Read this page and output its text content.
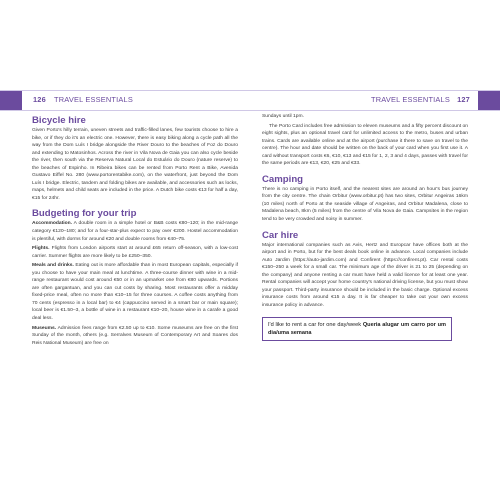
126 TRAVEL ESSENTIALS	TRAVEL ESSENTIALS 127
Bicycle hire

Given Porto's hilly terrain, uneven streets and traffic-filled lanes, few tourists choose to hire a bike, or if they do it's an electric one. However, there is easy biking along a cycle path all the way from the Dom Luís I bridge alongside the River Douro to the beaches of Foz do Douro and extending to Matosinhos. Across the river in Vila Nova de Gaia you can also cycle beside the river, then south via the Reserva Natural Local do Estuário do Douro (nature reserve) to the beaches of Espinho. In Ribeira bikes can be rented from Porto Rent a Bike, Avenida Gustavo Eiffel No. 280 (www.portorentabike.com), on the waterfront, just beyond the Dom Luís I bridge. Electric, tandem and folding bikes are available, and accessories such as locks, maps, helmets and child seats are included in the price. A Dutch bike costs €13 for half a day, €15 for 24hr.

Budgeting for your trip

Accommodation. A double room in a simple hotel or B&B costs €80–120; in the mid-range category €120–180; and for a four-star-plus expect to pay over €200. Hostel accommodation is plentiful, with dorms for around €20 and double rooms from €40–75.

Flights. Flights from London airports start at around £65 return off-season, with a low-cost carrier. Summer flights are more likely to be £250–350.

Meals and drinks. Eating out is more affordable than in most European capitals, especially if you choose to have your main meal at lunchtime. A three-course dinner with wine in a mid-range restaurant would cost around €50 or in an upmarket one from €80 upwards. Portions are often gargantuan, and you can cut costs by sharing. Most restaurants offer a midday fixed-price meal, often no more than €10–15 for three courses. A coffee costs anything from 70 cents (espresso in a local bar) to €4 (cappuccino served in a smart bar or main square); local beer is €1.50–3, a bottle of wine in a restaurant €10–20, house wine in a carafe a good deal less.

Museums. Admission fees range from €2.50 up to €10. Some museums are free on the first Sunday of the month, others (e.g. Serralves Museum of Contemporary Art and Soares dos Reis National Museum) are free on

Sundays until 1pm.

The Porto Card includes free admission to eleven museums and a fifty percent discount on eight sights, plus an optional travel card for unlimited access to the metro, buses and urban trains. Cards are available online and at the airport (purchase it there to save on travel to the centre). The hour and date should be written on the back of your card when you first use it. A card without transport costs €6, €10, €13 and €15 for 1, 2, 3 and 4 days, passes with travel for the same periods are €13, €20, €25 and €33.

Camping

There is no camping in Porto itself, and the nearest sites are around an hour's bus journey from the city centre. The chain Orbitur (www.orbitur.pt) has two sites, Orbitur Angeiras 16km (10 miles) north of Porto at the seaside village of Angeiras, and Orbitur Madalena, close to Madalena beach, 8km (5 miles) from the centre of Vila Nova de Gaia. Campsites in the region tend to be very crowded and noisy in summer.

Car hire

Major international companies such as Avis, Hertz and Europcar have offices both at the airport and in Porto, but for the best deals book online in advance. Local companies include Auto Jardim (https://auto-jardim.com) and Confirent (https://confirent.pt). Car rental costs €150–250 a week for a small car. The minimum age of the driver is 21 to 25 (depending on the company) and anyone renting a car must have held a valid licence for at least one year. Rental companies will accept your home country's national driving license, but you must show your passport. Third-party insurance should be included in the basic charge. Optional excess insurance costs from around €15 a day. It is far cheaper to take out your own excess insurance policy in advance.

I'd like to rent a car for one day/week Queria alugar um carro por um dia/uma semana
